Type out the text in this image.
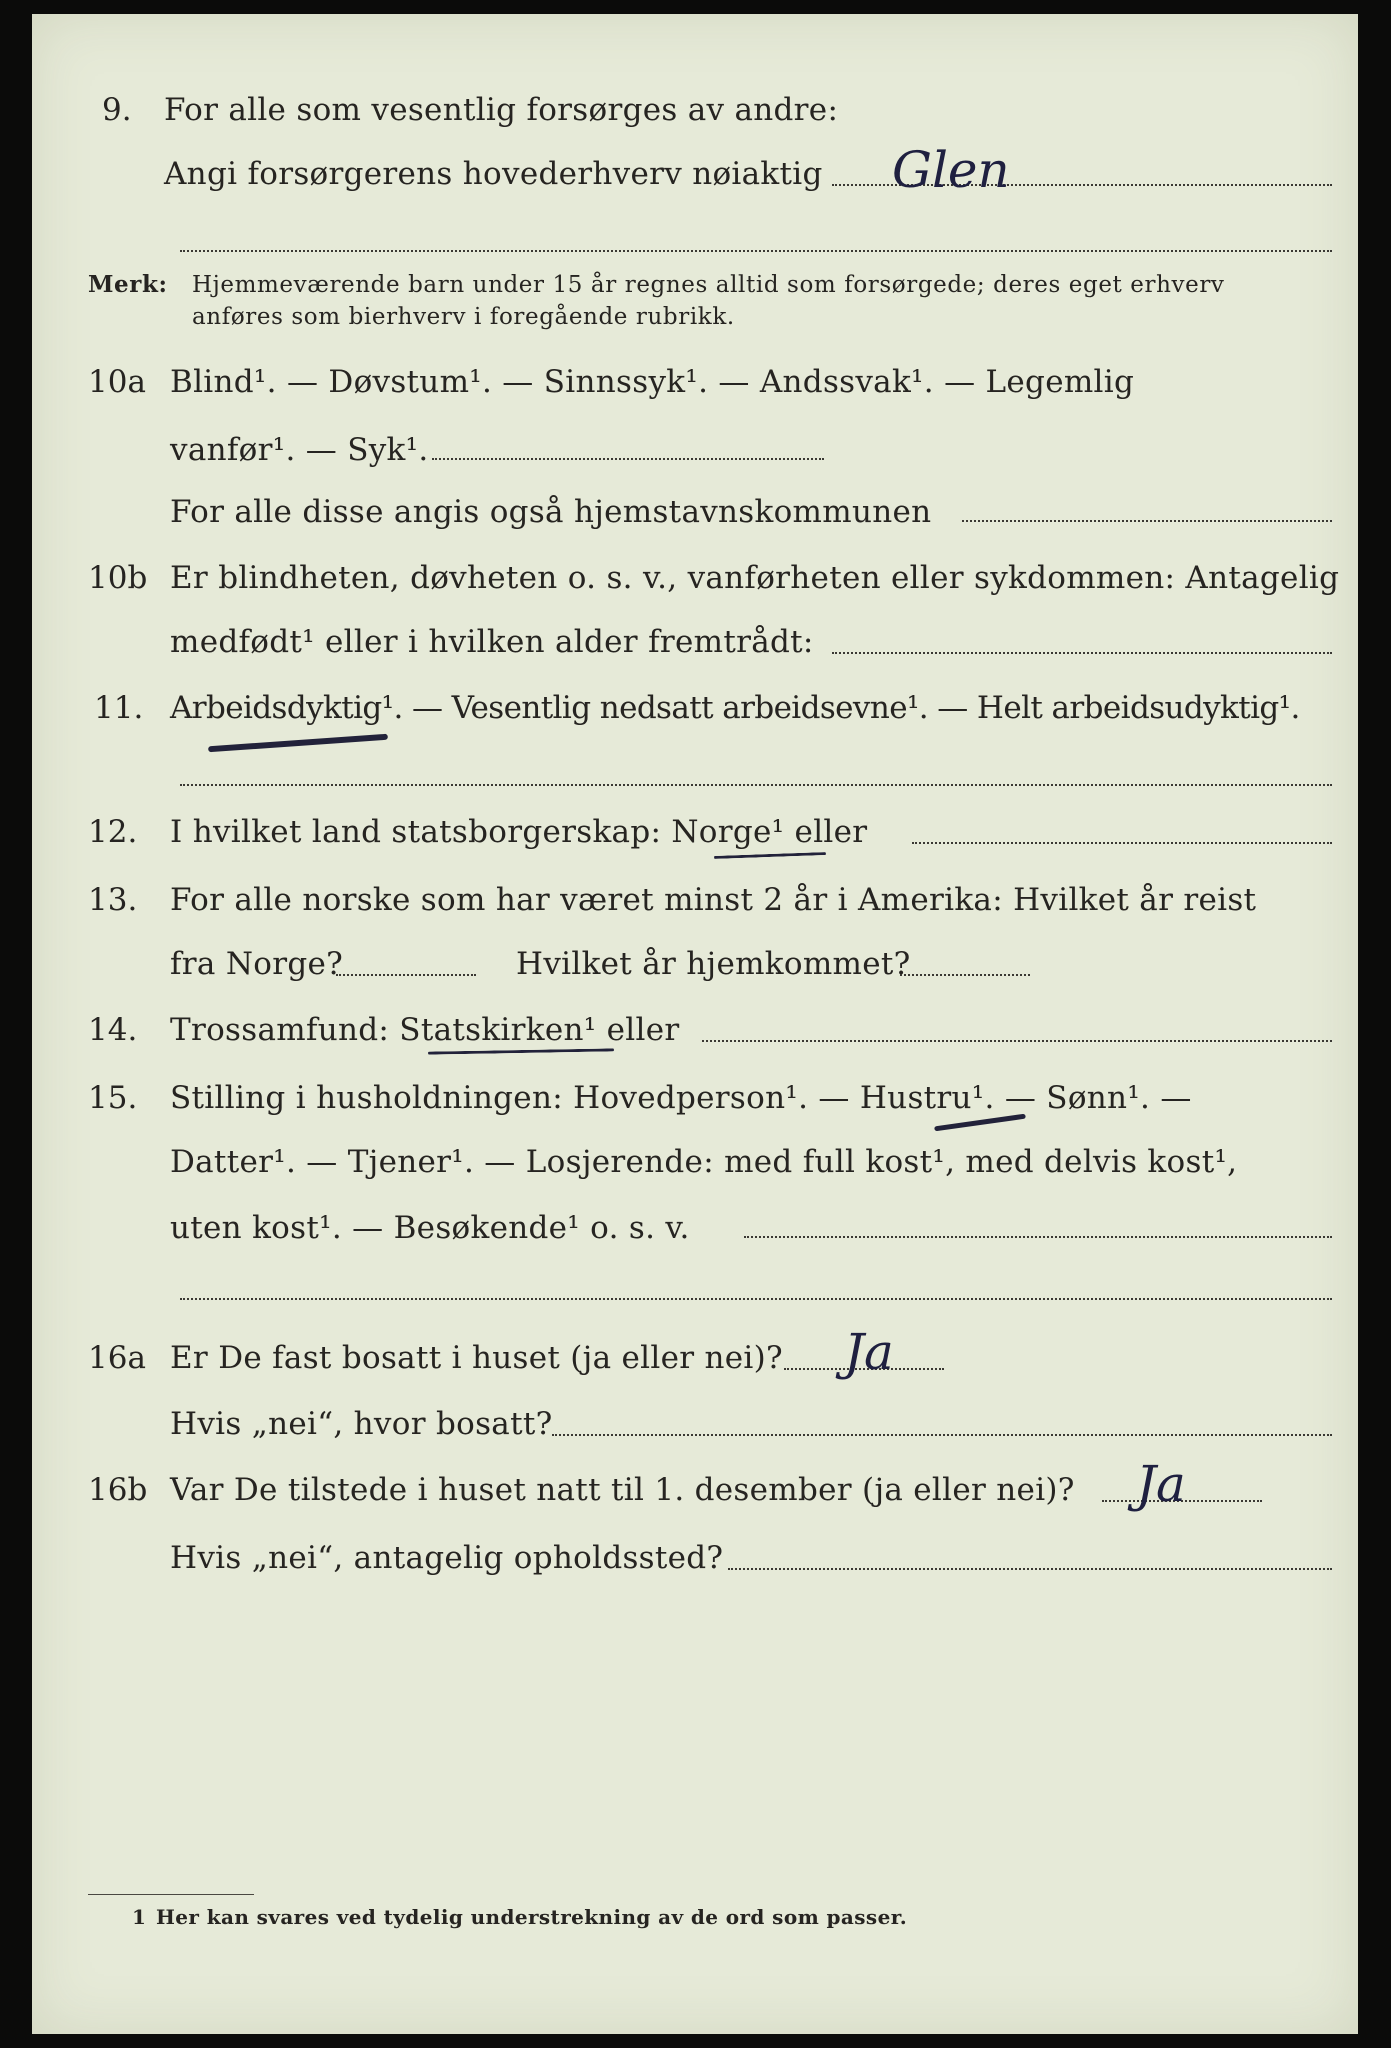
9. For alle som vesentlig forsørges av andre:
Angi forsørgerens hovederhverv nøiaktig Glen
Merk: Hjemmeværende barn under 15 år regnes alltid som forsørgede; deres eget erhverv
anføres som bierhverv i foregående rubrikk.
10a Blind¹. — Døvstum¹. — Sinnssyk¹. — Andssvak¹. — Legemlig
vanfør¹. — Syk¹.
For alle disse angis også hjemstavnskommunen
10b Er blindheten, døvheten o. s. v., vanførheten eller sykdommen: Antagelig
medfødt¹ eller i hvilken alder fremtrådt:
11. Arbeidsdyktig¹. — Vesentlig nedsatt arbeidsevne¹. — Helt arbeidsudyktig¹.
12. I hvilket land statsborgerskap: Norge¹ eller
13. For alle norske som har været minst 2 år i Amerika: Hvilket år reist
fra Norge?	Hvilket år hjemkommet?
14. Trossamfund: Statskirken¹ eller
15. Stilling i husholdningen: Hovedperson¹. — Hustru¹. — Sønn¹. —
Datter¹. — Tjener¹. — Losjerende: med full kost¹, med delvis kost¹,
uten kost¹. — Besøkende¹ o. s. v.
16a Er De fast bosatt i huset (ja eller nei)? Ja
Hvis „nei“, hvor bosatt?
16b Var De tilstede i huset natt til 1. desember (ja eller nei)? Ja
Hvis „nei“, antagelig opholdssted?
1 Her kan svares ved tydelig understrekning av de ord som passer.
